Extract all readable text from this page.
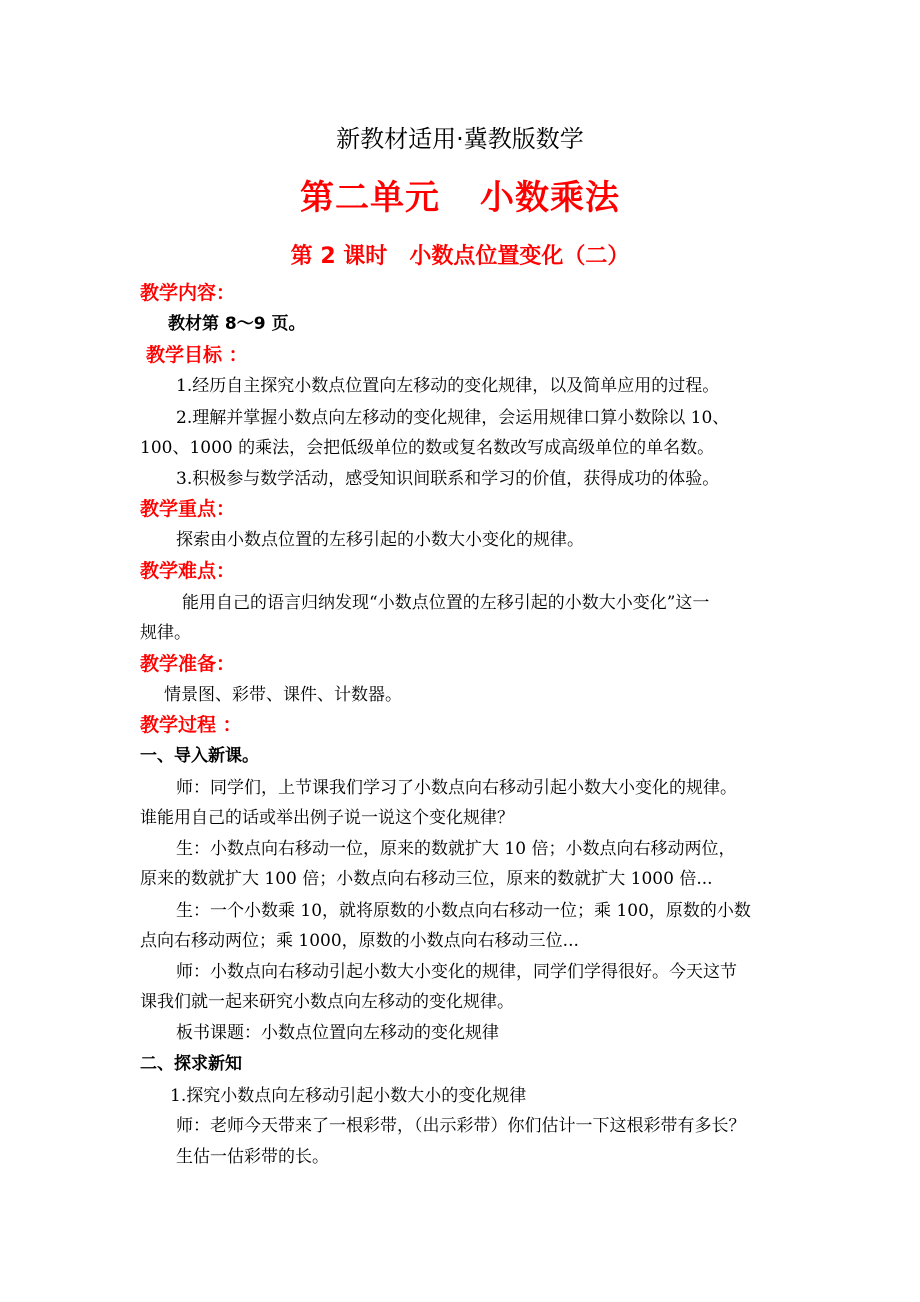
新教材适用·冀教版数学
第二单元 小数乘法
第 2 课时 小数点位置变化（二）
教学内容：
教材第 8～9 页。
教学目标 ：
1.经历自主探究小数点位置向左移动的变化规律，以及简单应用的过程。
2.理解并掌握小数点向左移动的变化规律，会运用规律口算小数除以 10、
100、1000 的乘法，会把低级单位的数或复名数改写成高级单位的单名数。
3.积极参与数学活动，感受知识间联系和学习的价值，获得成功的体验。
教学重点：
探索由小数点位置的左移引起的小数大小变化的规律。
教学难点：
能用自己的语言归纳发现“小数点位置的左移引起的小数大小变化”这一
规律。
教学准备：
情景图、彩带、课件、计数器。
教学过程 ：
一、导入新课。
师：同学们，上节课我们学习了小数点向右移动引起小数大小变化的规律。
谁能用自己的话或举出例子说一说这个变化规律？
生：小数点向右移动一位，原来的数就扩大 10 倍；小数点向右移动两位，
原来的数就扩大 100 倍；小数点向右移动三位，原来的数就扩大 1000 倍...
生：一个小数乘 10，就将原数的小数点向右移动一位；乘 100，原数的小数
点向右移动两位；乘 1000，原数的小数点向右移动三位...
师：小数点向右移动引起小数大小变化的规律，同学们学得很好。今天这节
课我们就一起来研究小数点向左移动的变化规律。
板书课题：小数点位置向左移动的变化规律
二、探求新知
1.探究小数点向左移动引起小数大小的变化规律
师：老师今天带来了一根彩带，（出示彩带）你们估计一下这根彩带有多长？
生估一估彩带的长。
